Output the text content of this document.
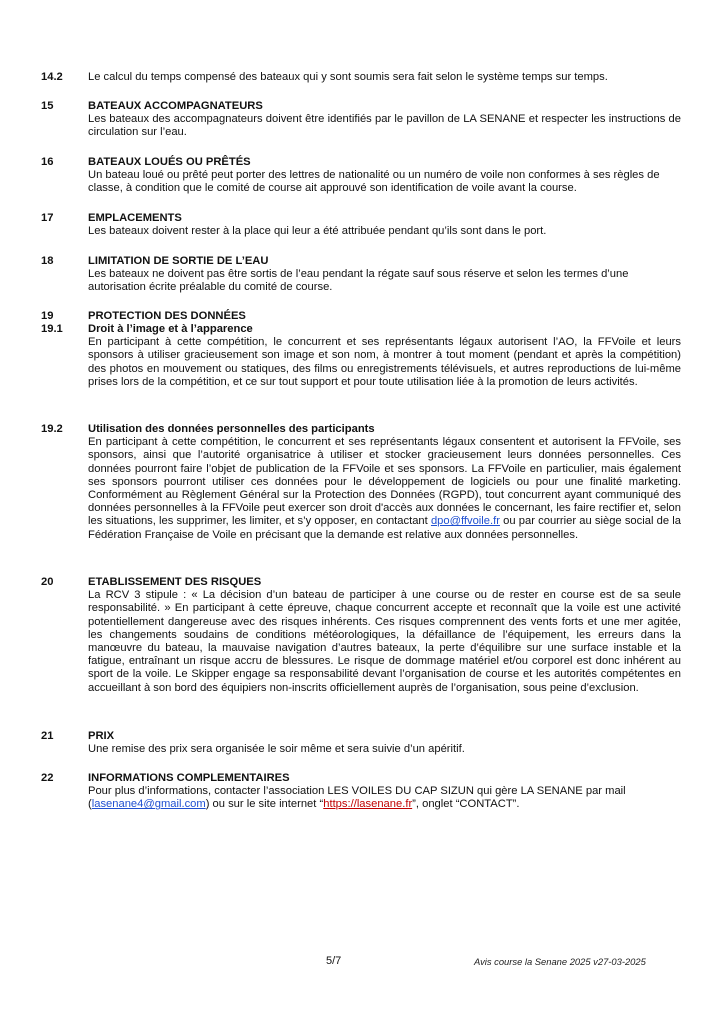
14.2 Le calcul du temps compensé des bateaux qui y sont soumis sera fait selon le système temps sur temps.

15	BATEAUX ACCOMPAGNATEURS

Les bateaux des accompagnateurs doivent être identifiés par le pavillon de LA SENANE et respecter les instructions de circulation sur l’eau.

16	BATEAUX LOUÉS OU PRÊTÉS

Un bateau loué ou prêté peut porter des lettres de nationalité ou un numéro de voile non conformes à ses règles de classe, à condition que le comité de course ait approuvé son identification de voile avant la course.

17	EMPLACEMENTS

Les bateaux doivent rester à la place qui leur a été attribuée pendant qu’ils sont dans le port.

18	LIMITATION DE SORTIE DE L’EAU

Les bateaux ne doivent pas être sortis de l’eau pendant la régate sauf sous réserve et selon les termes d’une autorisation écrite préalable du comité de course.

19	PROTECTION DES DONNÉES

19.1 Droit à l’image et à l’apparence

En participant à cette compétition, le concurrent et ses représentants légaux autorisent l’AO, la FFVoile et leurs sponsors à utiliser gracieusement son image et son nom, à montrer à tout moment (pendant et après la compétition) des photos en mouvement ou statiques, des films ou enregistrements télévisuels, et autres reproductions de lui-même prises lors de la compétition, et ce sur tout support et pour toute utilisation liée à la promotion de leurs activités.

19.2 Utilisation des données personnelles des participants

En participant à cette compétition, le concurrent et ses représentants légaux consentent et autorisent la FFVoile, ses sponsors, ainsi que l’autorité organisatrice à utiliser et stocker gracieusement leurs données personnelles. Ces données pourront faire l’objet de publication de la FFVoile et ses sponsors. La FFVoile en particulier, mais également ses sponsors pourront utiliser ces données pour le développement de logiciels ou pour une finalité marketing. Conformément au Règlement Général sur la Protection des Données (RGPD), tout concurrent ayant communiqué des données personnelles à la FFVoile peut exercer son droit d'accès aux données le concernant, les faire rectifier et, selon les situations, les supprimer, les limiter, et s’y opposer, en contactant dpo@ffvoile.fr ou par courrier au siège social de la Fédération Française de Voile en précisant que la demande est relative aux données personnelles.

20	ETABLISSEMENT DES RISQUES

La RCV 3 stipule : « La décision d’un bateau de participer à une course ou de rester en course est de sa seule responsabilité. » En participant à cette épreuve, chaque concurrent accepte et reconnaît que la voile est une activité potentiellement dangereuse avec des risques inhérents. Ces risques comprennent des vents forts et une mer agitée, les changements soudains de conditions météorologiques, la défaillance de l’équipement, les erreurs dans la manœuvre du bateau, la mauvaise navigation d’autres bateaux, la perte d’équilibre sur une surface instable et la fatigue, entraînant un risque accru de blessures. Le risque de dommage matériel et/ou corporel est donc inhérent au sport de la voile. Le Skipper engage sa responsabilité devant l’organisation de course et les autorités compétentes en accueillant à son bord des équipiers non-inscrits officiellement auprès de l’organisation, sous peine d’exclusion.

21	PRIX

Une remise des prix sera organisée le soir même et sera suivie d’un apéritif.

22	INFORMATIONS COMPLEMENTAIRES

Pour plus d’informations, contacter l’association LES VOILES DU CAP SIZUN qui gère LA SENANE par mail (lasenane4@gmail.com) ou sur le site internet “https://lasenane.fr”, onglet “CONTACT”.

5/7	Avis course la Senane 2025 v27-03-2025
